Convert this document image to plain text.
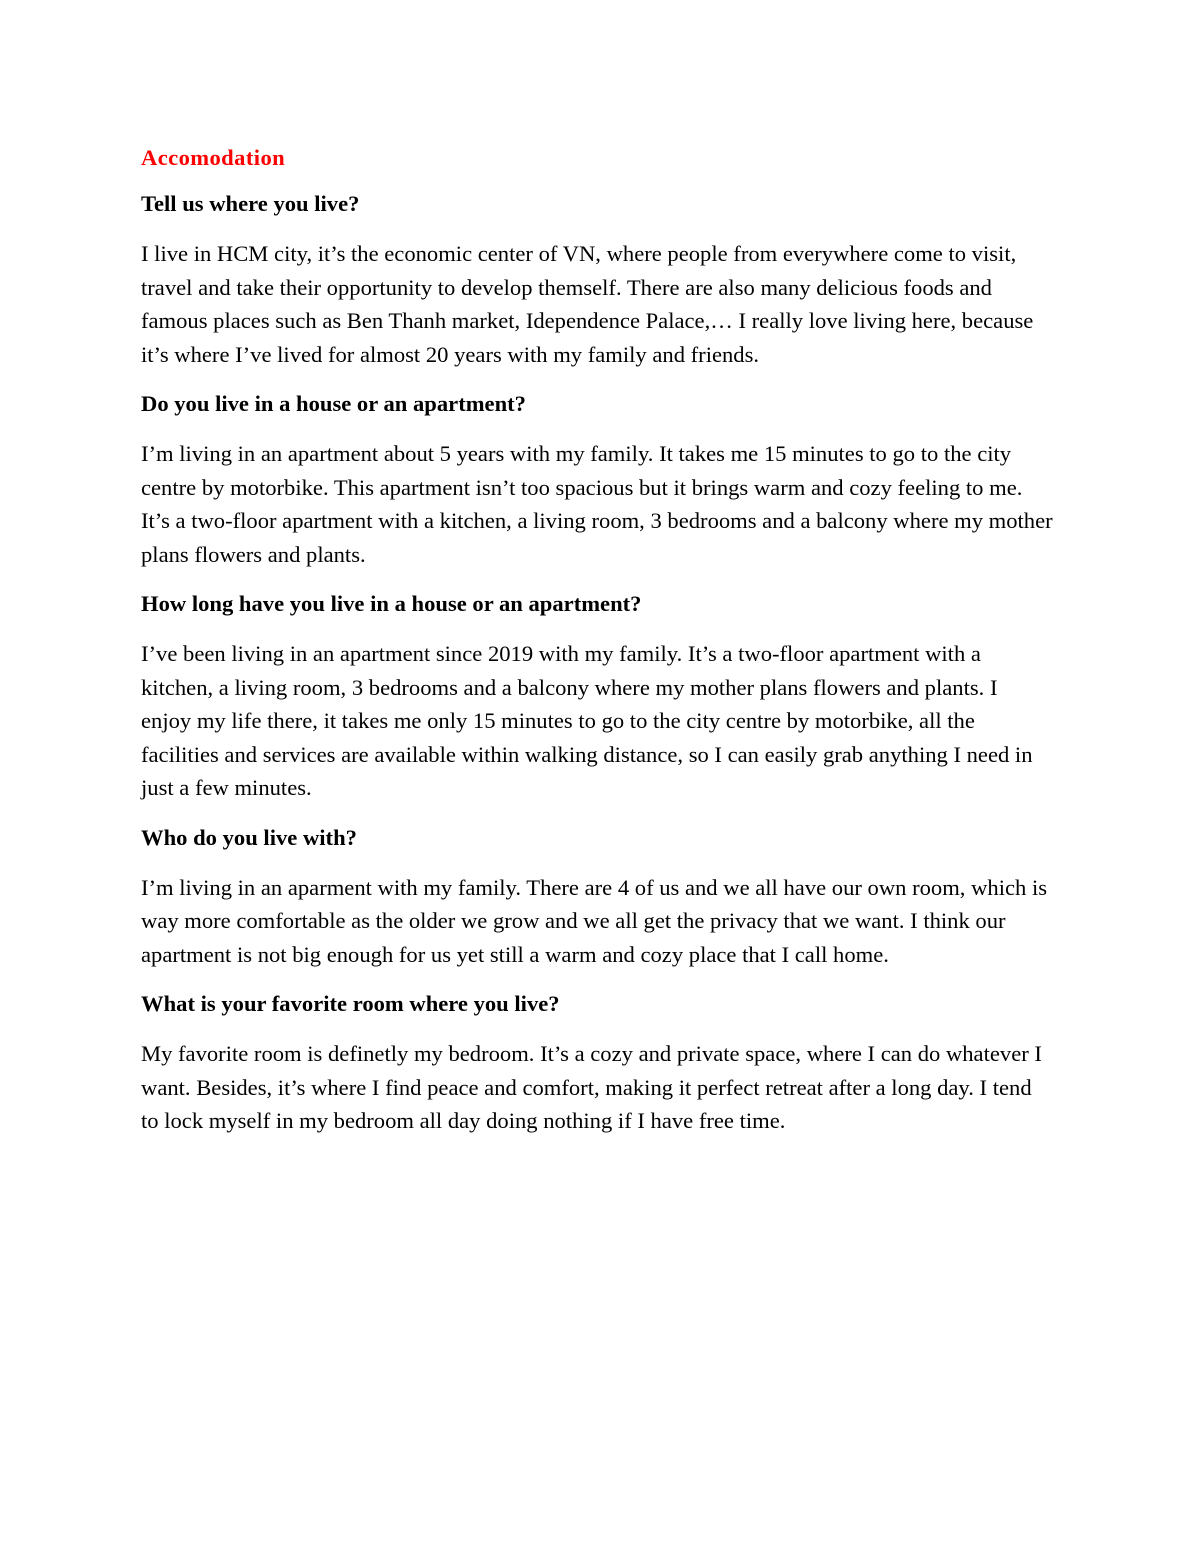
Accomodation
Tell us where you live?
I live in HCM city, it’s the economic center of VN, where people from everywhere come to visit, travel and take their opportunity to develop themself. There are also many delicious foods and famous places such as Ben Thanh market, Idependence Palace,… I really love living here, because it’s where I’ve lived for almost 20 years with my family and friends.
Do you live in a house or an apartment?
I’m living in an apartment about 5 years with my family. It takes me 15 minutes to go to the city centre by motorbike. This apartment isn’t too spacious but it brings warm and cozy feeling to me. It’s a two-floor apartment with a kitchen, a living room, 3 bedrooms and a balcony where my mother plans flowers and plants.
How long have you live in a house or an apartment?
I’ve been living in an apartment since 2019 with my family. It’s a two-floor apartment with a kitchen, a living room, 3 bedrooms and a balcony where my mother plans flowers and plants. I enjoy my life there, it takes me only 15 minutes to go to the city centre by motorbike, all the facilities and services are available within walking distance, so I can easily grab anything I need in just a few minutes.
Who do you live with?
I’m living in an aparment with my family. There are 4 of us and we all have our own room, which is way more comfortable as the older we grow and we all get the privacy that we want. I think our apartment is not big enough for us yet still a warm and cozy place that I call home.
What is your favorite room where you live?
My favorite room is definetly my bedroom. It’s a cozy and private space, where I can do whatever I want. Besides, it’s where I find peace and comfort, making it perfect retreat after a long day. I tend to lock myself in my bedroom all day doing nothing if I have free time.
